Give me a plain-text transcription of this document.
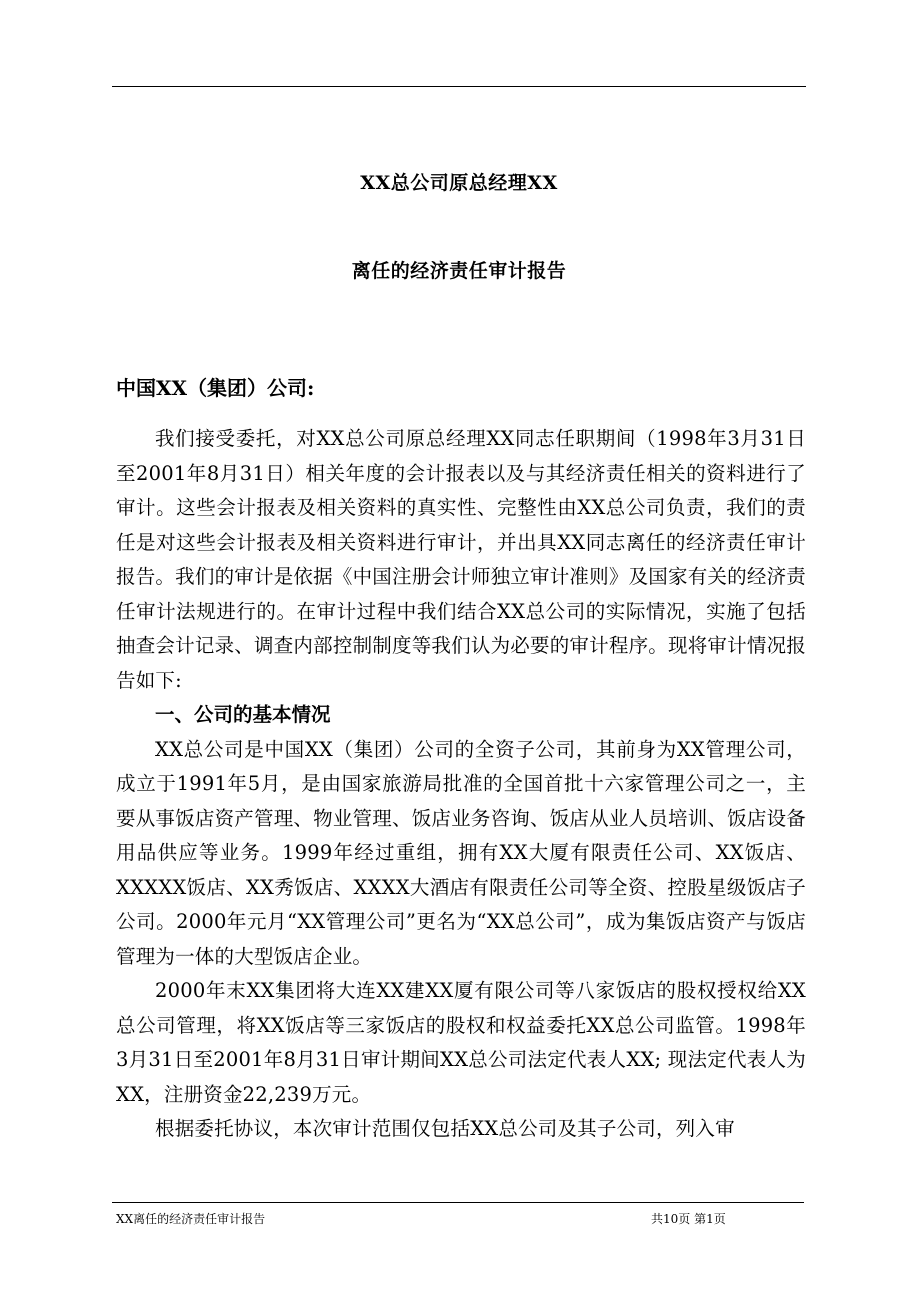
XX总公司原总经理XX
离任的经济责任审计报告
中国XX（集团）公司:

我们接受委托，对XX总公司原总经理XX同志任职期间（1998年3月31日至2001年8月31日）相关年度的会计报表以及与其经济责任相关的资料进行了审计。这些会计报表及相关资料的真实性、完整性由XX总公司负责，我们的责任是对这些会计报表及相关资料进行审计，并出具XX同志离任的经济责任审计报告。我们的审计是依据《中国注册会计师独立审计准则》及国家有关的经济责任审计法规进行的。在审计过程中我们结合XX总公司的实际情况，实施了包括抽查会计记录、调查内部控制制度等我们认为必要的审计程序。现将审计情况报告如下:

一、公司的基本情况

XX总公司是中国XX（集团）公司的全资子公司，其前身为XX管理公司，成立于1991年5月，是由国家旅游局批准的全国首批十六家管理公司之一，主要从事饭店资产管理、物业管理、饭店业务咨询、饭店从业人员培训、饭店设备用品供应等业务。1999年经过重组，拥有XX大厦有限责任公司、XX饭店、XXXXX饭店、XX秀饭店、XXXX大酒店有限责任公司等全资、控股星级饭店子公司。2000年元月“XX管理公司”更名为“XX总公司”，成为集饭店资产与饭店管理为一体的大型饭店企业。

2000年末XX集团将大连XX建XX厦有限公司等八家饭店的股权授权给XX总公司管理，将XX饭店等三家饭店的股权和权益委托XX总公司监管。1998年3月31日至2001年8月31日审计期间XX总公司法定代表人XX; 现法定代表人为XX，注册资金22,239万元。

根据委托协议，本次审计范围仅包括XX总公司及其子公司，列入审

XX离任的经济责任审计报告	共10页 第1页
